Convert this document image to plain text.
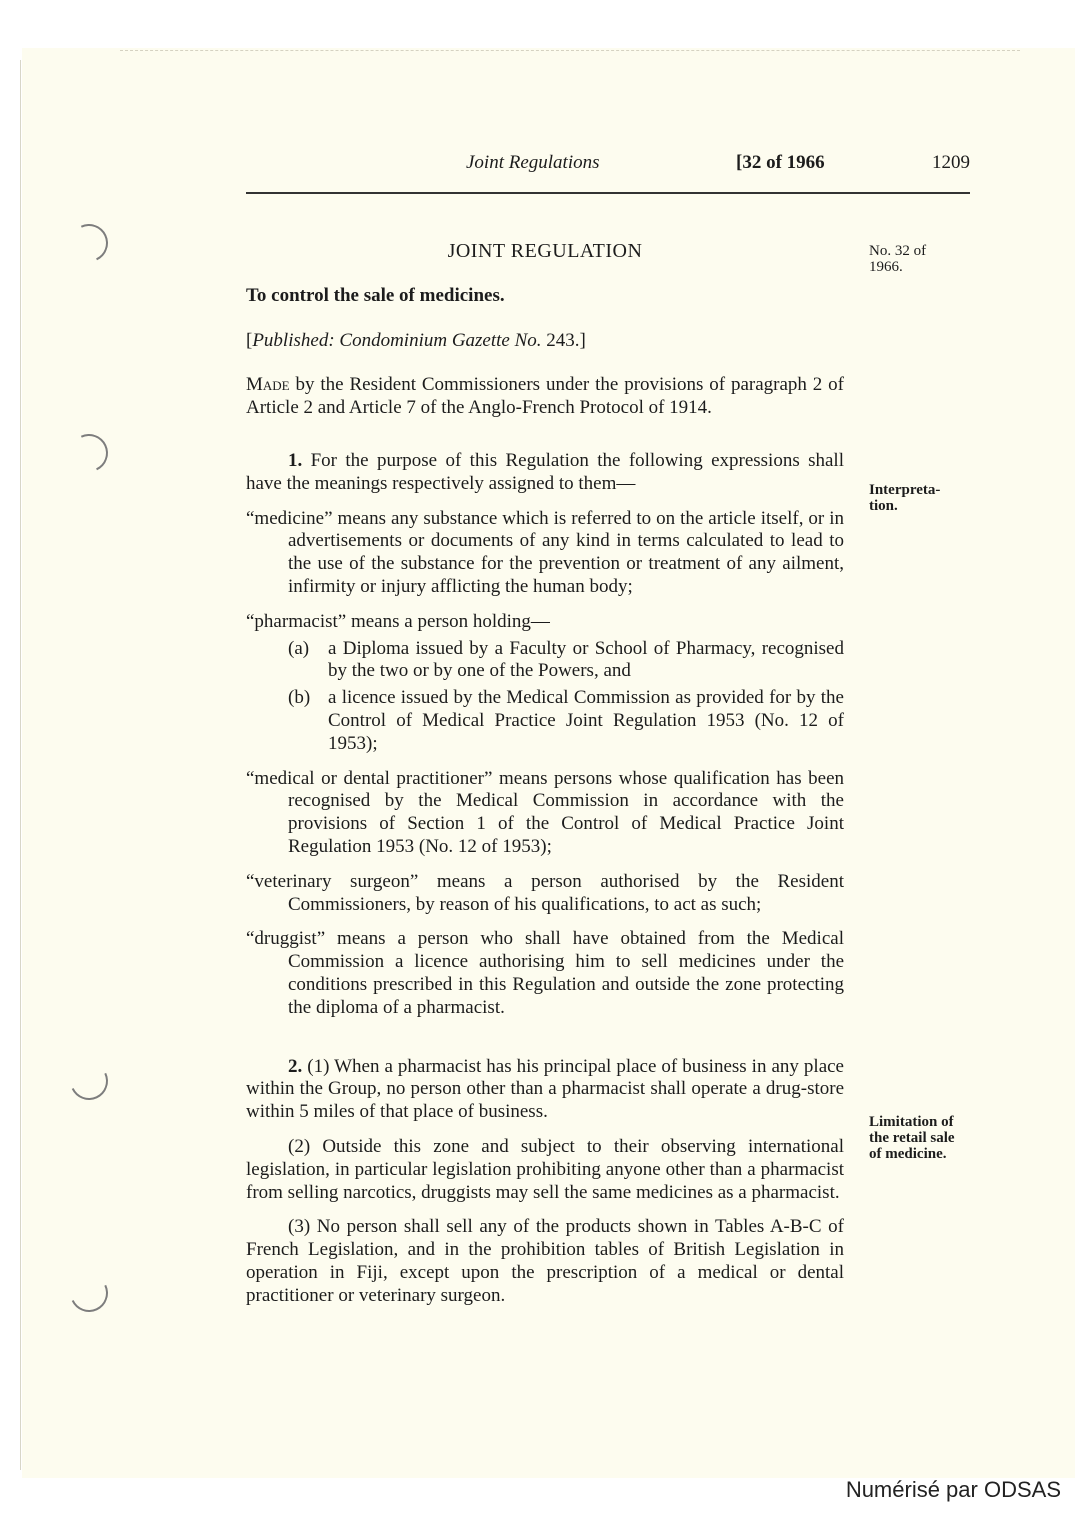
Joint Regulations	[32 of 1966	1209
No. 32 of 1966.
Interpreta-tion.
Limitation of the retail sale of medicine.

JOINT REGULATION

To control the sale of medicines.

[Published: Condominium Gazette No. 243.]

Made by the Resident Commissioners under the provisions of paragraph 2 of Article 2 and Article 7 of the Anglo-French Protocol of 1914.

1. For the purpose of this Regulation the following expressions shall have the meanings respectively assigned to them—

“medicine” means any substance which is referred to on the article itself, or in advertisements or documents of any kind in terms calculated to lead to the use of the substance for the prevention or treatment of any ailment, infirmity or injury afflicting the human body;

“pharmacist” means a person holding—

(a) a Diploma issued by a Faculty or School of Pharmacy, recognised by the two or by one of the Powers, and
(b) a licence issued by the Medical Commission as provided for by the Control of Medical Practice Joint Regulation 1953 (No. 12 of 1953);

“medical or dental practitioner” means persons whose qualification has been recognised by the Medical Commission in accordance with the provisions of Section 1 of the Control of Medical Practice Joint Regulation 1953 (No. 12 of 1953);

“veterinary surgeon” means a person authorised by the Resident Commissioners, by reason of his qualifications, to act as such;

“druggist” means a person who shall have obtained from the Medical Commission a licence authorising him to sell medicines under the conditions prescribed in this Regulation and outside the zone protecting the diploma of a pharmacist.

2. (1) When a pharmacist has his principal place of business in any place within the Group, no person other than a pharmacist shall operate a drug-store within 5 miles of that place of business.

(2) Outside this zone and subject to their observing international legislation, in particular legislation prohibiting anyone other than a pharmacist from selling narcotics, druggists may sell the same medicines as a pharmacist.

(3) No person shall sell any of the products shown in Tables A-B-C of French Legislation, and in the prohibition tables of British Legislation in operation in Fiji, except upon the prescription of a medical or dental practitioner or veterinary surgeon.

Numérisé par ODSAS
